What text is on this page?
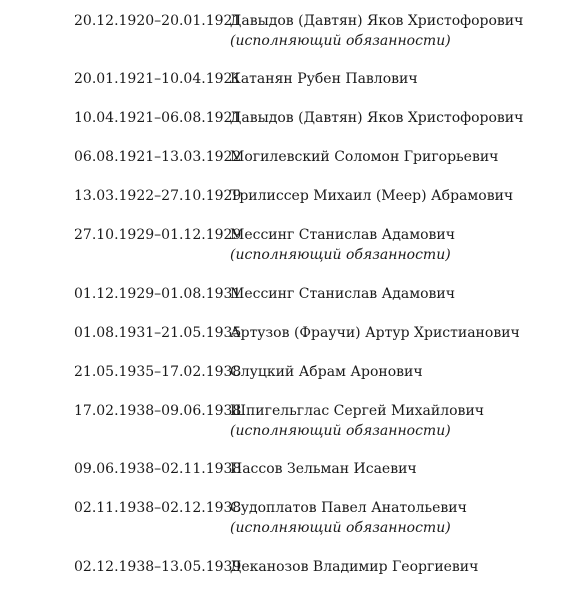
20.12.1920–20.01.1921
Давыдов (Давтян) Яков Христофорович
(исполняющий обязанности)
20.01.1921–10.04.1921
Катанян Рубен Павлович
10.04.1921–06.08.1921
Давыдов (Давтян) Яков Христофорович
06.08.1921–13.03.1922
Могилевский Соломон Григорьевич
13.03.1922–27.10.1929
Трилиссер Михаил (Меер) Абрамович
27.10.1929–01.12.1929
Мессинг Станислав Адамович
(исполняющий обязанности)
01.12.1929–01.08.1931
Мессинг Станислав Адамович
01.08.1931–21.05.1935
Артузов (Фраучи) Артур Христианович
21.05.1935–17.02.1938
Слуцкий Абрам Аронович
17.02.1938–09.06.1938
Шпигельглас Сергей Михайлович
(исполняющий обязанности)
09.06.1938–02.11.1938
Пассов Зельман Исаевич
02.11.1938–02.12.1938
Судоплатов Павел Анатольевич
(исполняющий обязанности)
02.12.1938–13.05.1939
Деканозов Владимир Георгиевич
